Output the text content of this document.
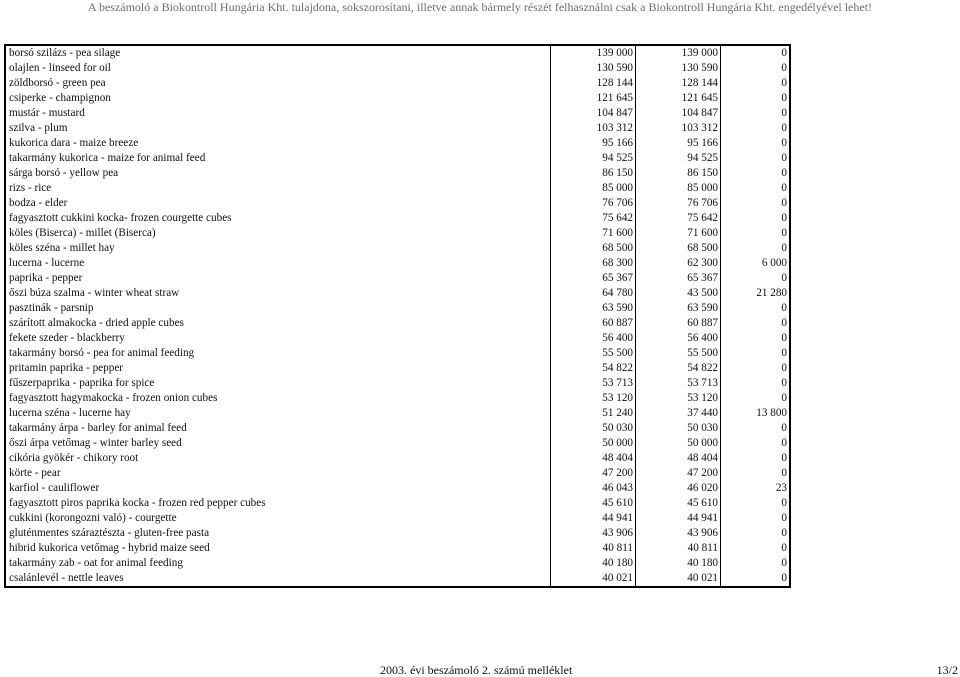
A beszámoló a Biokontroll Hungária Kht. tulajdona, sokszorosítani, illetve annak bármely részét felhasználni csak a Biokontroll Hungária Kht. engedélyével lehet!
borsó szilázs - pea silage	139 000	139 000	0
olajlen - linseed for oil	130 590	130 590	0
zöldborsó - green pea	128 144	128 144	0
csiperke - champignon	121 645	121 645	0
mustár - mustard	104 847	104 847	0
szilva - plum	103 312	103 312	0
kukorica dara - maize breeze	95 166	95 166	0
takarmány kukorica - maize for animal feed	94 525	94 525	0
sárga borsó - yellow pea	86 150	86 150	0
rizs - rice	85 000	85 000	0
bodza - elder	76 706	76 706	0
fagyasztott cukkini kocka- frozen courgette cubes	75 642	75 642	0
köles (Biserca) - millet (Biserca)	71 600	71 600	0
köles széna - millet hay	68 500	68 500	0
lucerna - lucerne	68 300	62 300	6 000
paprika - pepper	65 367	65 367	0
őszi búza szalma - winter wheat straw	64 780	43 500	21 280
pasztinák - parsnip	63 590	63 590	0
szárított almakocka - dried apple cubes	60 887	60 887	0
fekete szeder - blackberry	56 400	56 400	0
takarmány borsó - pea for animal feeding	55 500	55 500	0
pritamin paprika - pepper	54 822	54 822	0
fűszerpaprika - paprika for spice	53 713	53 713	0
fagyasztott hagymakocka - frozen onion cubes	53 120	53 120	0
lucerna széna - lucerne hay	51 240	37 440	13 800
takarmány árpa - barley for animal feed	50 030	50 030	0
őszi árpa vetőmag - winter barley seed	50 000	50 000	0
cikória gyökér - chikory root	48 404	48 404	0
körte - pear	47 200	47 200	0
karfiol - cauliflower	46 043	46 020	23
fagyasztott piros paprika kocka - frozen red pepper cubes	45 610	45 610	0
cukkini (korongozni való) - courgette	44 941	44 941	0
gluténmentes száraztészta - gluten-free pasta	43 906	43 906	0
hibrid kukorica vetőmag - hybrid maize seed	40 811	40 811	0
takarmány zab - oat for animal feeding	40 180	40 180	0
csalánlevél - nettle leaves	40 021	40 021	0
2003. évi beszámoló 2. számú melléklet	13/2
